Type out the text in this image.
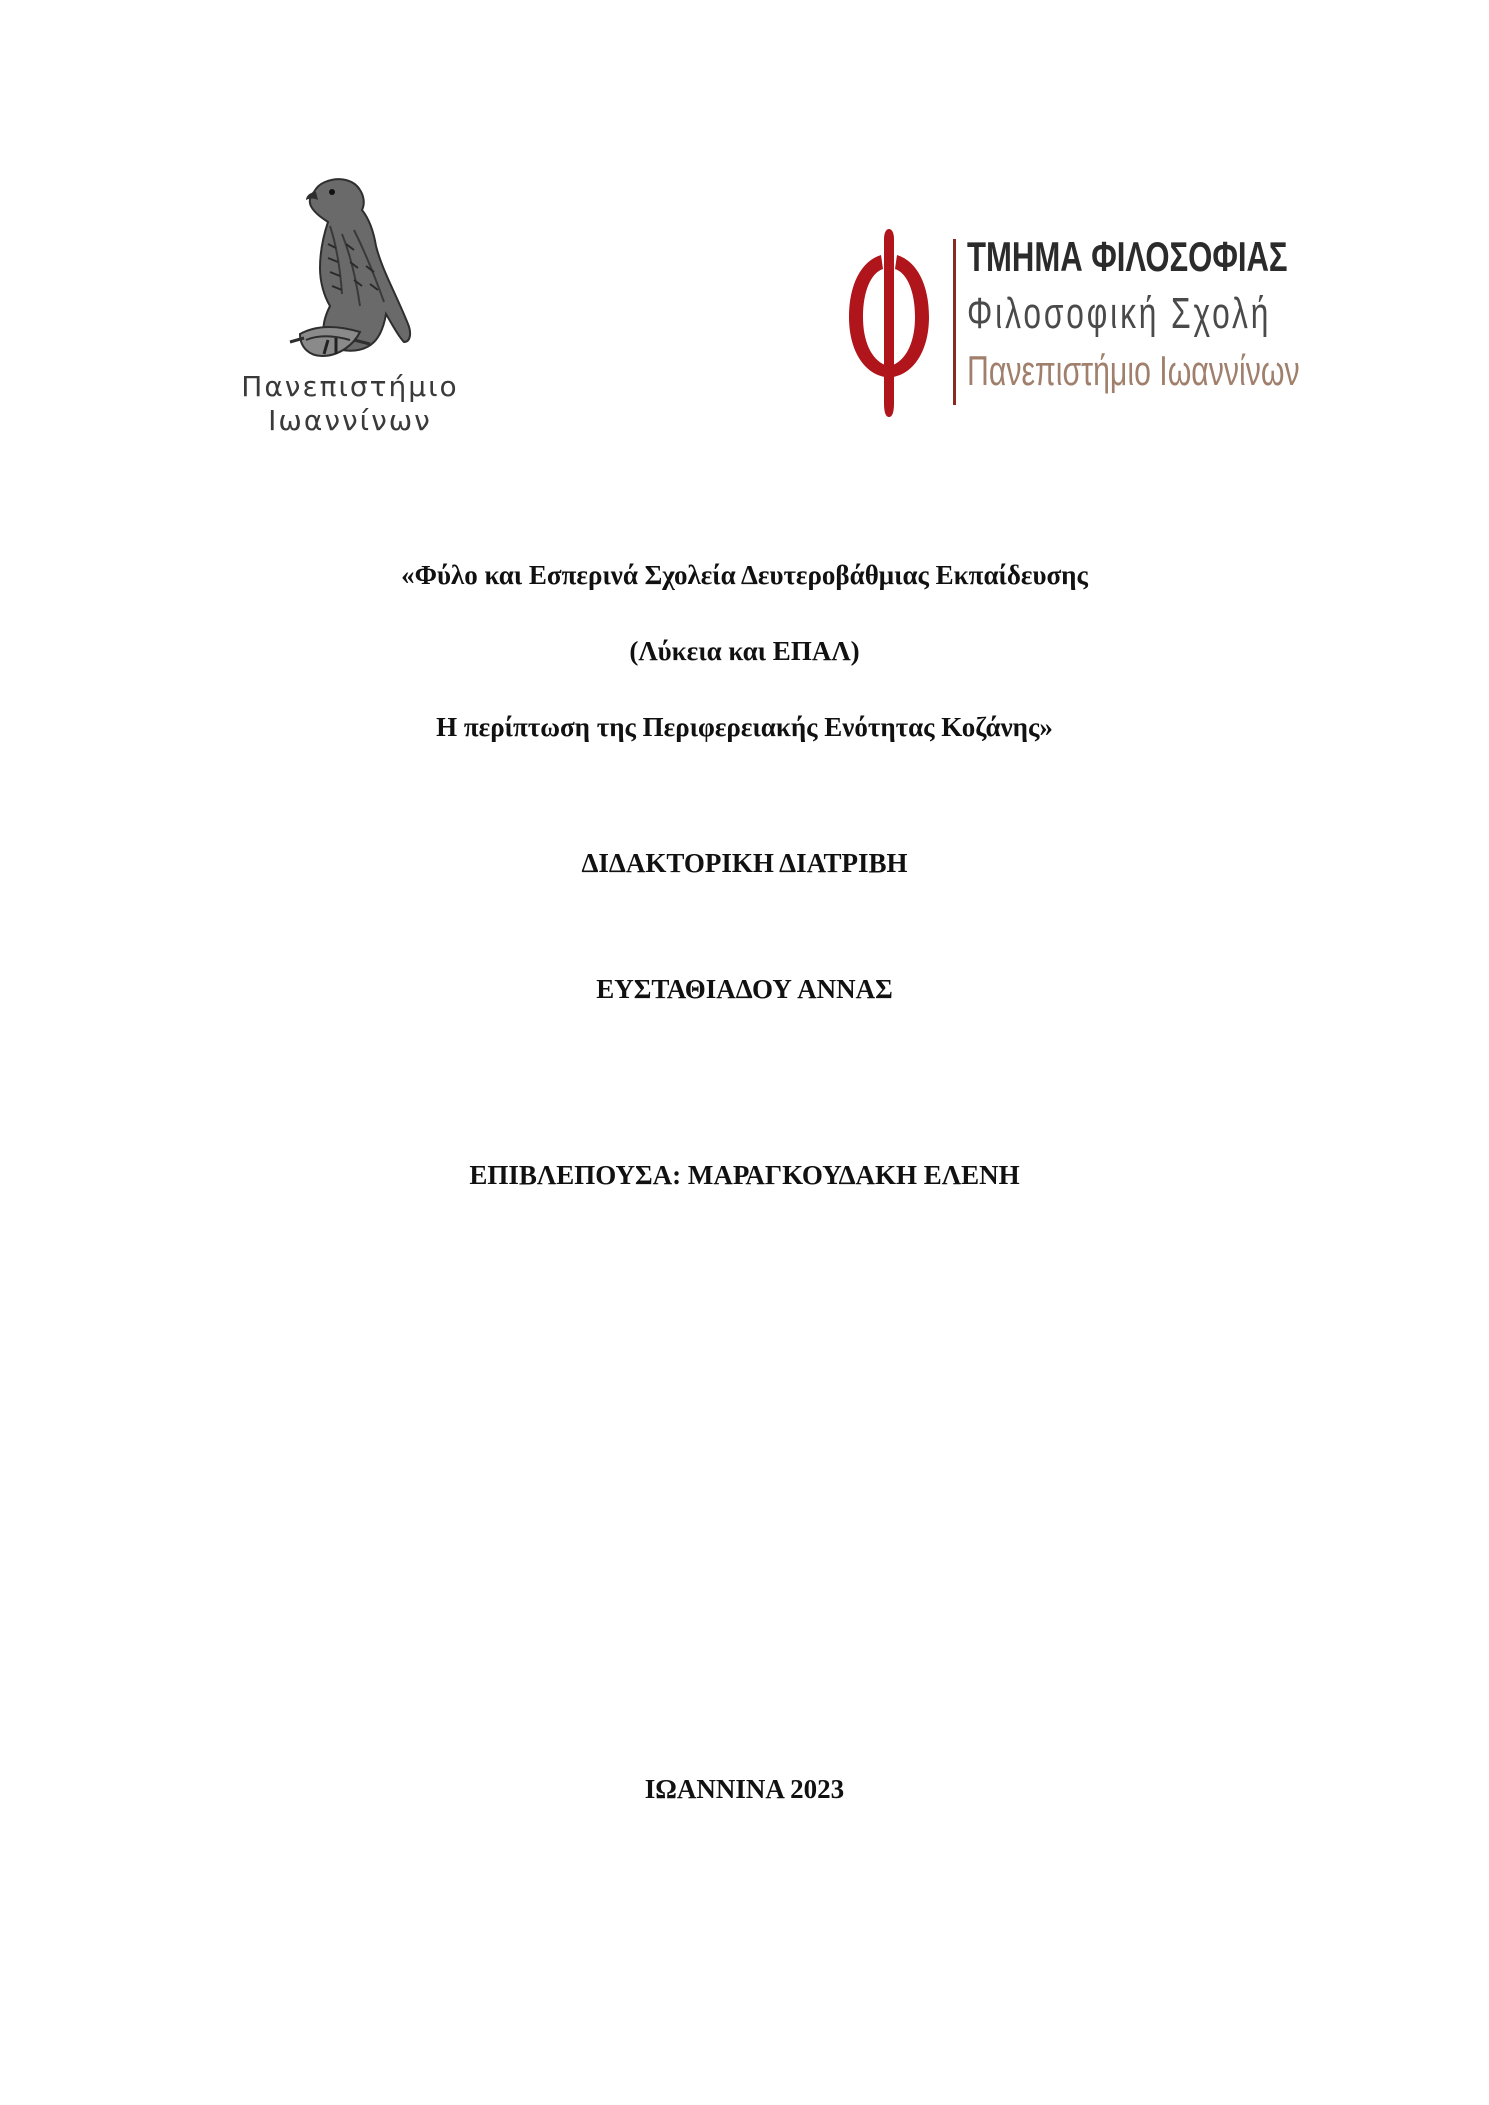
Πανεπιστήμιο
Ιωαννίνων
ΤΜΗΜΑ ΦΙΛΟΣΟΦΙΑΣ
Φιλοσοφική Σχολή
Πανεπιστήμιο Ιωαννίνων
«Φύλο και Εσπερινά Σχολεία Δευτεροβάθμιας Εκπαίδευσης
(Λύκεια και ΕΠΑΛ)
Η περίπτωση της Περιφερειακής Ενότητας Κοζάνης»
ΔΙΔΑΚΤΟΡΙΚΗ ΔΙΑΤΡΙΒΗ
ΕΥΣΤΑΘΙΑΔΟΥ ΑΝΝΑΣ
ΕΠΙΒΛΕΠΟΥΣΑ: ΜΑΡΑΓΚΟΥΔΑΚΗ ΕΛΕΝΗ
ΙΩΑΝΝΙΝΑ 2023
